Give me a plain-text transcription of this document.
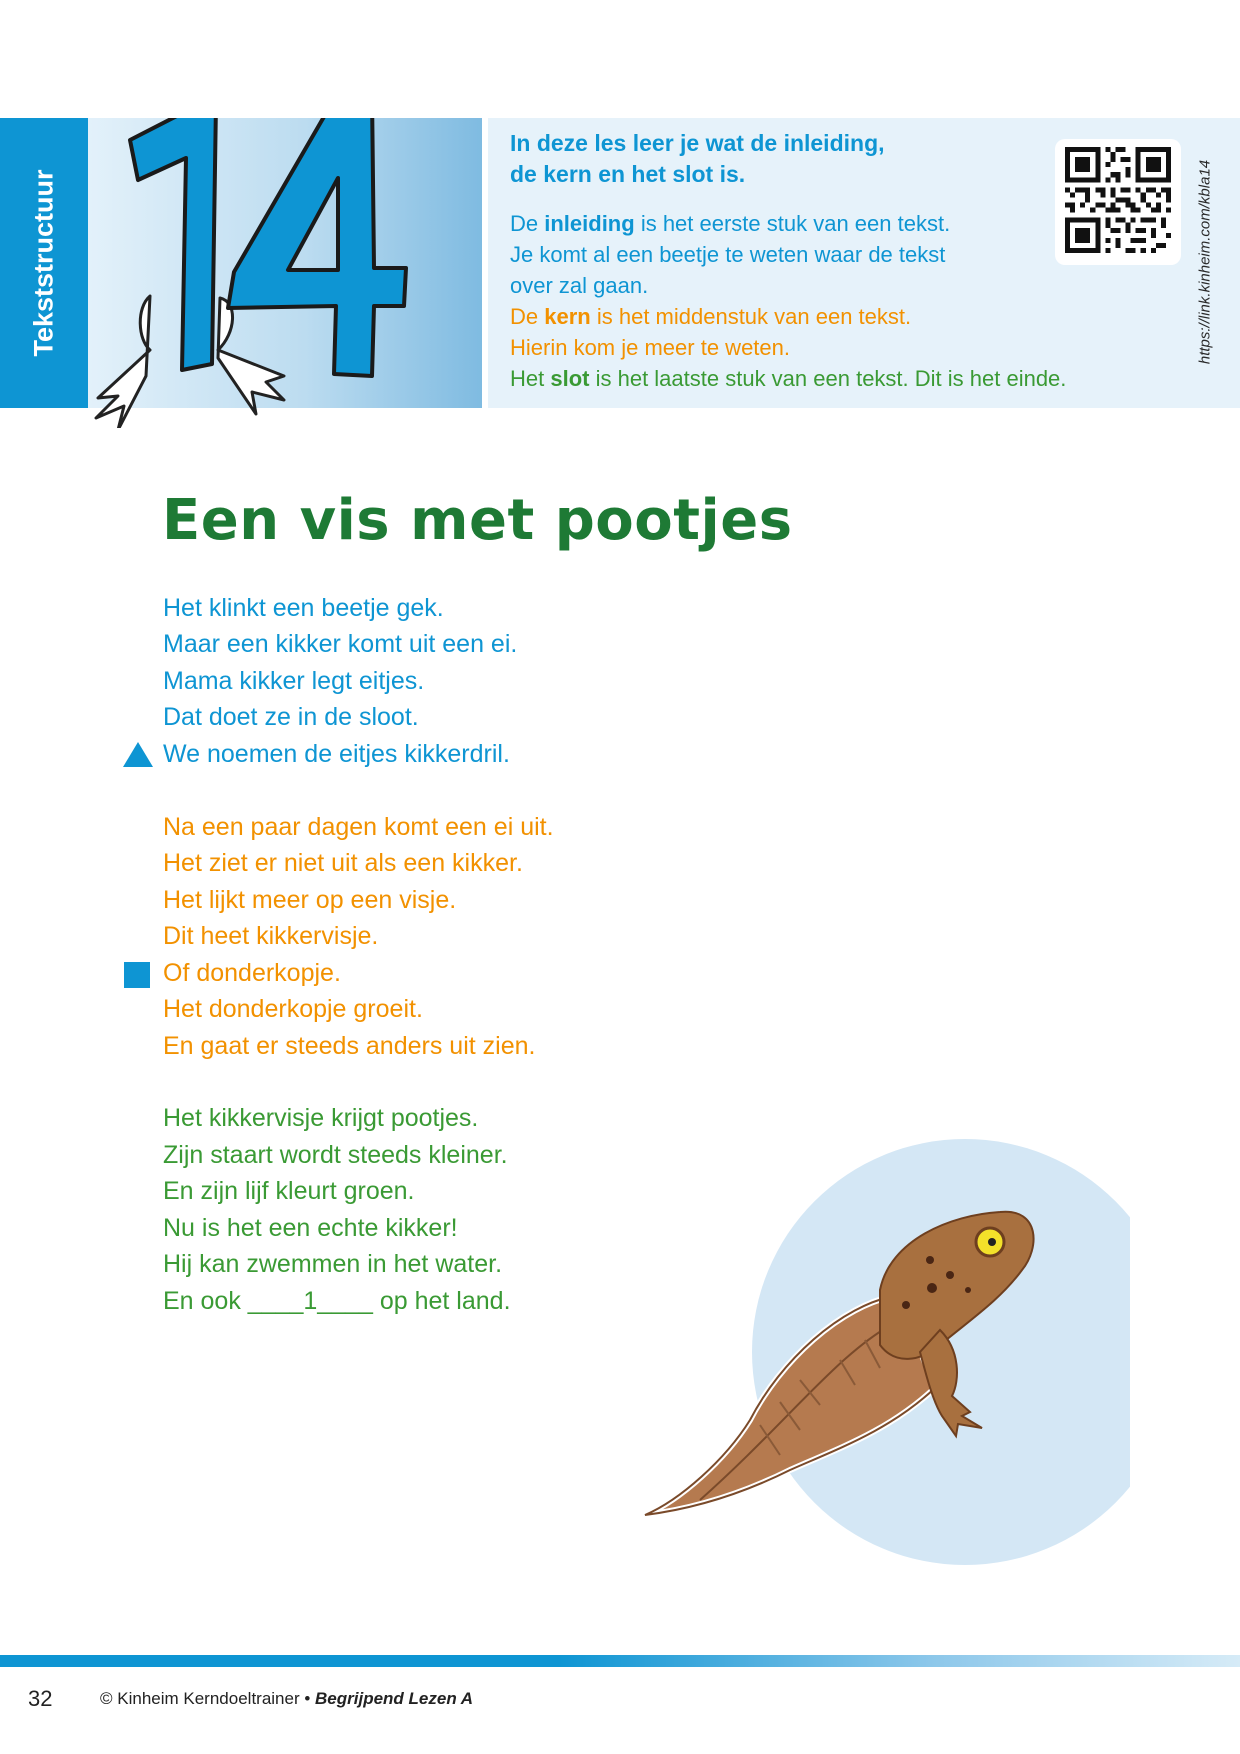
Tekststructuur
In deze les leer je wat de inleiding,
de kern en het slot is.
De inleiding is het eerste stuk van een tekst.
Je komt al een beetje te weten waar de tekst
over zal gaan.
De kern is het middenstuk van een tekst.
Hierin kom je meer te weten.
Het slot is het laatste stuk van een tekst. Dit is het einde.
https://link.kinheim.com/kbla14
Een vis met pootjes
Het klinkt een beetje gek.
Maar een kikker komt uit een ei.
Mama kikker legt eitjes.
Dat doet ze in de sloot.
We noemen de eitjes kikkerdril.
Na een paar dagen komt een ei uit.
Het ziet er niet uit als een kikker.
Het lijkt meer op een visje.
Dit heet kikkervisje.
Of donderkopje.
Het donderkopje groeit.
En gaat er steeds anders uit zien.
Het kikkervisje krijgt pootjes.
Zijn staart wordt steeds kleiner.
En zijn lijf kleurt groen.
Nu is het een echte kikker!
Hij kan zwemmen in het water.
En ook ____1____ op het land.
32	© Kinheim Kerndoeltrainer • Begrijpend Lezen A
